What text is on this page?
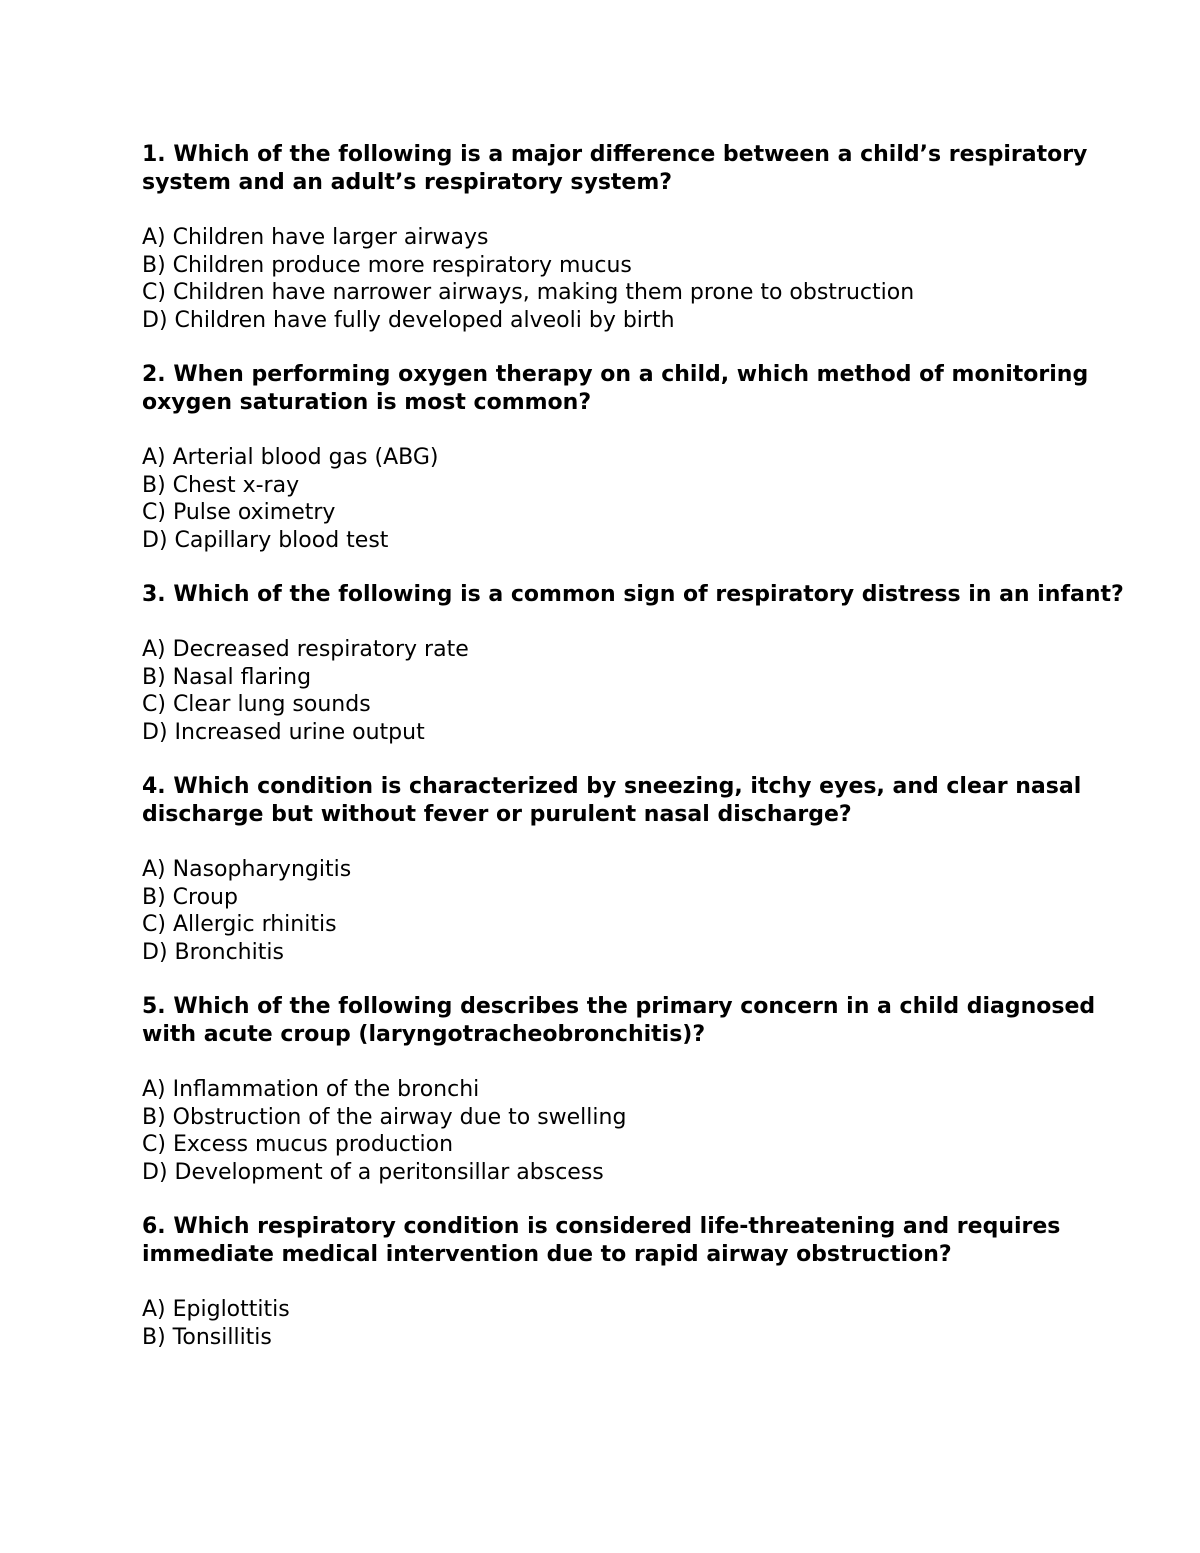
1. Which of the following is a major difference between a child’s respiratory system and an adult’s respiratory system?

A) Children have larger airways
B) Children produce more respiratory mucus
C) Children have narrower airways, making them prone to obstruction
D) Children have fully developed alveoli by birth

2. When performing oxygen therapy on a child, which method of monitoring oxygen saturation is most common?

A) Arterial blood gas (ABG)
B) Chest x-ray
C) Pulse oximetry
D) Capillary blood test

3. Which of the following is a common sign of respiratory distress in an infant?

A) Decreased respiratory rate
B) Nasal flaring
C) Clear lung sounds
D) Increased urine output

4. Which condition is characterized by sneezing, itchy eyes, and clear nasal discharge but without fever or purulent nasal discharge?

A) Nasopharyngitis
B) Croup
C) Allergic rhinitis
D) Bronchitis

5. Which of the following describes the primary concern in a child diagnosed with acute croup (laryngotracheobronchitis)?

A) Inflammation of the bronchi
B) Obstruction of the airway due to swelling
C) Excess mucus production
D) Development of a peritonsillar abscess

6. Which respiratory condition is considered life-threatening and requires immediate medical intervention due to rapid airway obstruction?

A) Epiglottitis
B) Tonsillitis
